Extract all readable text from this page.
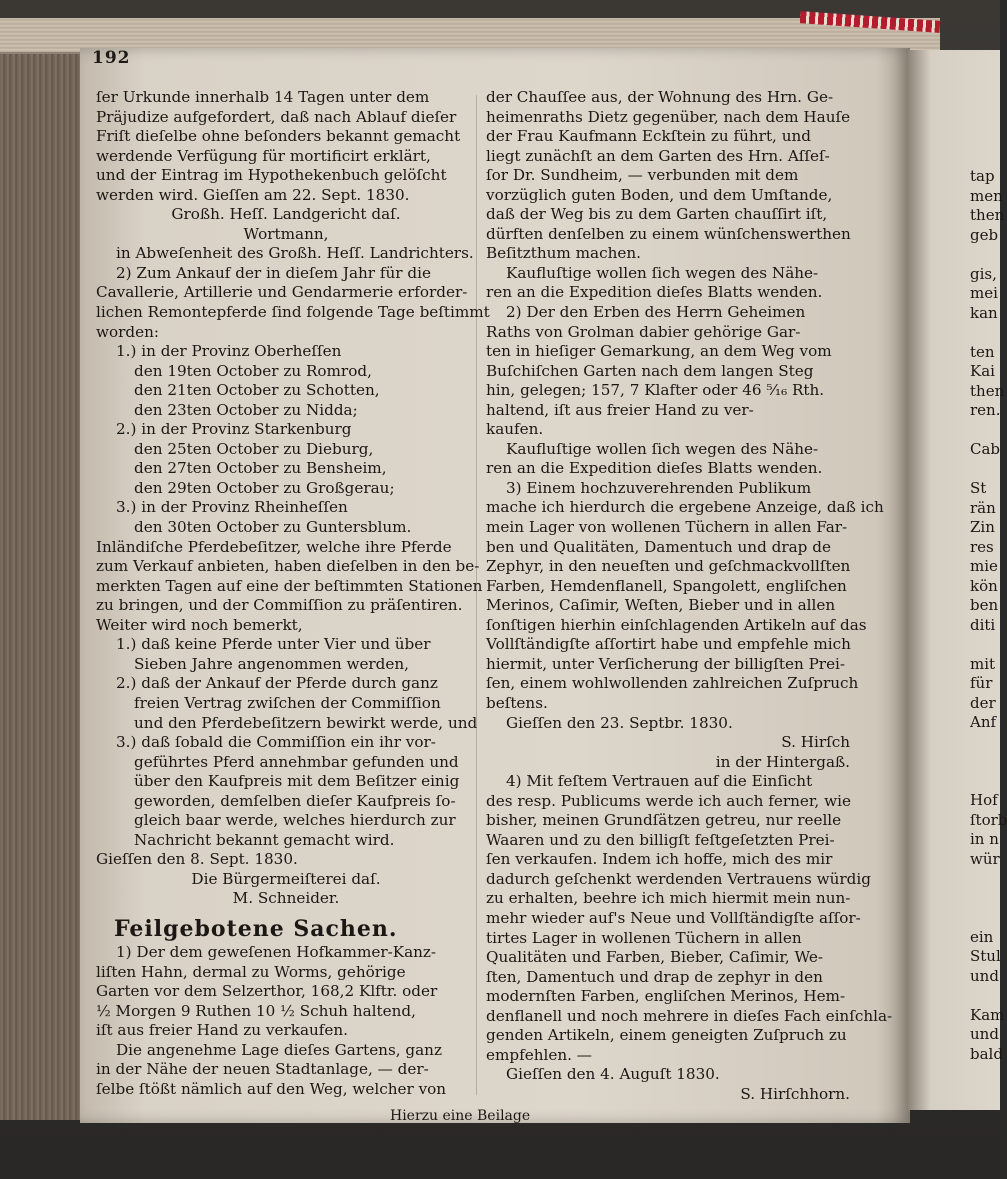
tap
men
then
geb
gis,
mei
kan
ten
Kai
then
ren.
Cab
St
rän
Zin
res
mie
kön
ben
diti
mit
für
der
Anf
Hof
ſtorb
in n
wür
ein
Stul
und
Kam
und
bald
192
ſer Urkunde innerhalb 14 Tagen unter dem
Präjudize aufgefordert, daß nach Ablauf dieſer
Friſt dieſelbe ohne beſonders bekannt gemacht
werdende Verfügung für mortificirt erklärt,
und der Eintrag im Hypothekenbuch gelöſcht
werden wird. Gieſſen am 22. Sept. 1830.
Großh. Heſſ. Landgericht daſ.
Wortmann,
in Abweſenheit des Großh. Heſſ. Landrichters.
2) Zum Ankauf der in dieſem Jahr für die
Cavallerie, Artillerie und Gendarmerie erforder-
lichen Remontepferde ſind folgende Tage beſtimmt
worden:
1.) in der Provinz Oberheſſen
den 19ten October zu Romrod,
den 21ten October zu Schotten,
den 23ten October zu Nidda;
2.) in der Provinz Starkenburg
den 25ten October zu Dieburg,
den 27ten October zu Bensheim,
den 29ten October zu Großgerau;
3.) in der Provinz Rheinheſſen
den 30ten October zu Guntersblum.
Inländiſche Pferdebeſitzer, welche ihre Pferde
zum Verkauf anbieten, haben dieſelben in den be-
merkten Tagen auf eine der beſtimmten Stationen
zu bringen, und der Commiſſion zu präſentiren.
Weiter wird noch bemerkt,
1.) daß keine Pferde unter Vier und über
Sieben Jahre angenommen werden,
2.) daß der Ankauf der Pferde durch ganz
freien Vertrag zwiſchen der Commiſſion
und den Pferdebeſitzern bewirkt werde, und
3.) daß ſobald die Commiſſion ein ihr vor-
geführtes Pferd annehmbar gefunden und
über den Kaufpreis mit dem Beſitzer einig
geworden, demſelben dieſer Kaufpreis ſo-
gleich baar werde, welches hierdurch zur
Nachricht bekannt gemacht wird.
Gieſſen den 8. Sept. 1830.
Die Bürgermeiſterei daſ.
M. Schneider.
Feilgebotene Sachen.
1) Der dem geweſenen Hofkammer-Kanz-
liſten Hahn, dermal zu Worms, gehörige
Garten vor dem Selzerthor, 168,2 Klftr. oder
½ Morgen 9 Ruthen 10 ½ Schuh haltend,
iſt aus freier Hand zu verkaufen.
Die angenehme Lage dieſes Gartens, ganz
in der Nähe der neuen Stadtanlage, — der-
ſelbe ſtößt nämlich auf den Weg, welcher von
der Chauſſee aus, der Wohnung des Hrn. Ge-
heimenraths Dietz gegenüber, nach dem Hauſe
der Frau Kaufmann Eckſtein zu führt, und
liegt zunächſt an dem Garten des Hrn. Aſſeſ-
ſor Dr. Sundheim, — verbunden mit dem
vorzüglich guten Boden, und dem Umſtande,
daß der Weg bis zu dem Garten chauſſirt iſt,
dürften denſelben zu einem wünſchenswerthen
Beſitzthum machen.
Kaufluſtige wollen ſich wegen des Nähe-
ren an die Expedition dieſes Blatts wenden.
2) Der den Erben des Herrn Geheimen
Raths von Grolman dabier gehörige Gar-
ten in hieſiger Gemarkung, an dem Weg vom
Buſchiſchen Garten nach dem langen Steg
hin, gelegen; 157, 7 Klafter oder 46 ⁵⁄₁₆ Rth.
haltend, iſt aus freier Hand zu ver-
kaufen.
Kaufluſtige wollen ſich wegen des Nähe-
ren an die Expedition dieſes Blatts wenden.
3) Einem hochzuverehrenden Publikum
mache ich hierdurch die ergebene Anzeige, daß ich
mein Lager von wollenen Tüchern in allen Far-
ben und Qualitäten, Damentuch und drap de
Zephyr, in den neueſten und geſchmackvollſten
Farben, Hemdenflanell, Spangolett, engliſchen
Merinos, Caſimir, Weſten, Bieber und in allen
ſonſtigen hierhin einſchlagenden Artikeln auf das
Vollſtändigſte aſſortirt habe und empfehle mich
hiermit, unter Verſicherung der billigſten Prei-
ſen, einem wohlwollenden zahlreichen Zuſpruch
beſtens.
Gieſſen den 23. Septbr. 1830.
S. Hirſch
in der Hintergaß.
4) Mit feſtem Vertrauen auf die Einſicht
des resp. Publicums werde ich auch ferner, wie
bisher, meinen Grundſätzen getreu, nur reelle
Waaren und zu den billigſt feſtgeſetzten Prei-
ſen verkaufen. Indem ich hoffe, mich des mir
dadurch geſchenkt werdenden Vertrauens würdig
zu erhalten, beehre ich mich hiermit mein nun-
mehr wieder auf's Neue und Vollſtändigſte aſſor-
tirtes Lager in wollenen Tüchern in allen
Qualitäten und Farben, Bieber, Caſimir, We-
ſten, Damentuch und drap de zephyr in den
modernſten Farben, engliſchen Merinos, Hem-
denflanell und noch mehrere in dieſes Fach einſchla-
genden Artikeln, einem geneigten Zuſpruch zu
empfehlen. —
Gieſſen den 4. Auguſt 1830.
S. Hirſchhorn.
Hierzu eine Beilage
